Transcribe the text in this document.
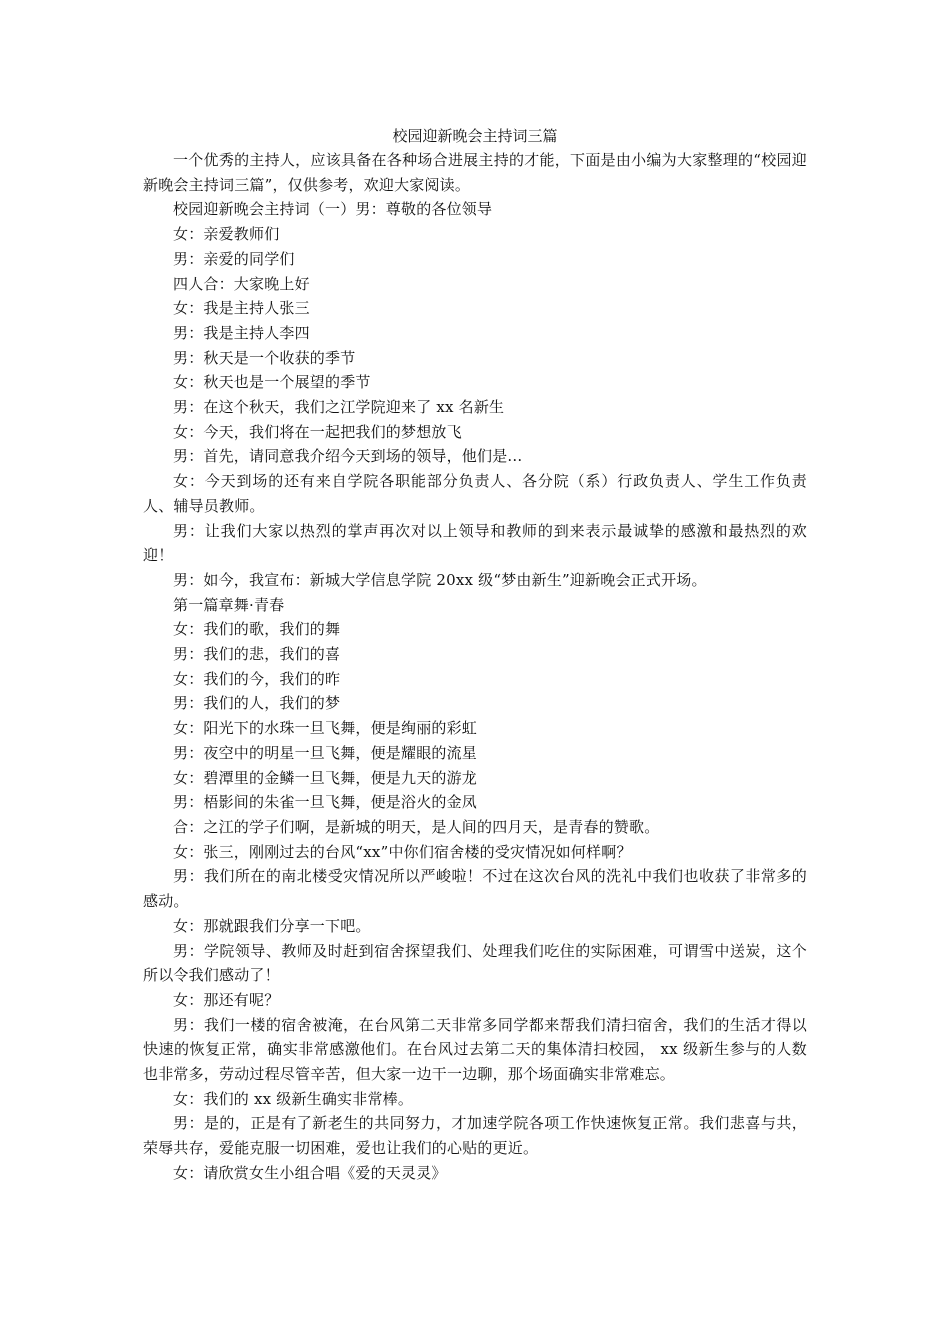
校园迎新晚会主持词三篇

一个优秀的主持人，应该具备在各种场合进展主持的才能，下面是由小编为大家整理的“校园迎新晚会主持词三篇”，仅供参考，欢迎大家阅读。

校园迎新晚会主持词（一）男：尊敬的各位领导

女：亲爱教师们

男：亲爱的同学们

四人合：大家晚上好

女：我是主持人张三

男：我是主持人李四

男：秋天是一个收获的季节

女：秋天也是一个展望的季节

男：在这个秋天，我们之江学院迎来了 xx 名新生

女：今天，我们将在一起把我们的梦想放飞

男：首先，请同意我介绍今天到场的领导，他们是...

女：今天到场的还有来自学院各职能部分负责人、各分院（系）行政负责人、学生工作负责人、辅导员教师。

男：让我们大家以热烈的掌声再次对以上领导和教师的到来表示最诚挚的感激和最热烈的欢迎！

男：如今，我宣布：新城大学信息学院 20xx 级“梦由新生”迎新晚会正式开场。

第一篇章舞·青春

女：我们的歌，我们的舞

男：我们的悲，我们的喜

女：我们的今，我们的昨

男：我们的人，我们的梦

女：阳光下的水珠一旦飞舞，便是绚丽的彩虹

男：夜空中的明星一旦飞舞，便是耀眼的流星

女：碧潭里的金鳞一旦飞舞，便是九天的游龙

男：梧影间的朱雀一旦飞舞，便是浴火的金凤

合：之江的学子们啊，是新城的明天，是人间的四月天，是青春的赞歌。

女：张三，刚刚过去的台风“xx”中你们宿舍楼的受灾情况如何样啊？

男：我们所在的南北楼受灾情况所以严峻啦！不过在这次台风的洗礼中我们也收获了非常多的感动。

女：那就跟我们分享一下吧。

男：学院领导、教师及时赶到宿舍探望我们、处理我们吃住的实际困难，可谓雪中送炭，这个所以令我们感动了！

女：那还有呢？

男：我们一楼的宿舍被淹，在台风第二天非常多同学都来帮我们清扫宿舍，我们的生活才得以快速的恢复正常，确实非常感激他们。在台风过去第二天的集体清扫校园， xx 级新生参与的人数也非常多，劳动过程尽管辛苦，但大家一边干一边聊，那个场面确实非常难忘。

女：我们的 xx 级新生确实非常棒。

男：是的，正是有了新老生的共同努力，才加速学院各项工作快速恢复正常。我们悲喜与共，荣辱共存，爱能克服一切困难，爱也让我们的心贴的更近。

女：请欣赏女生小组合唱《爱的天灵灵》
